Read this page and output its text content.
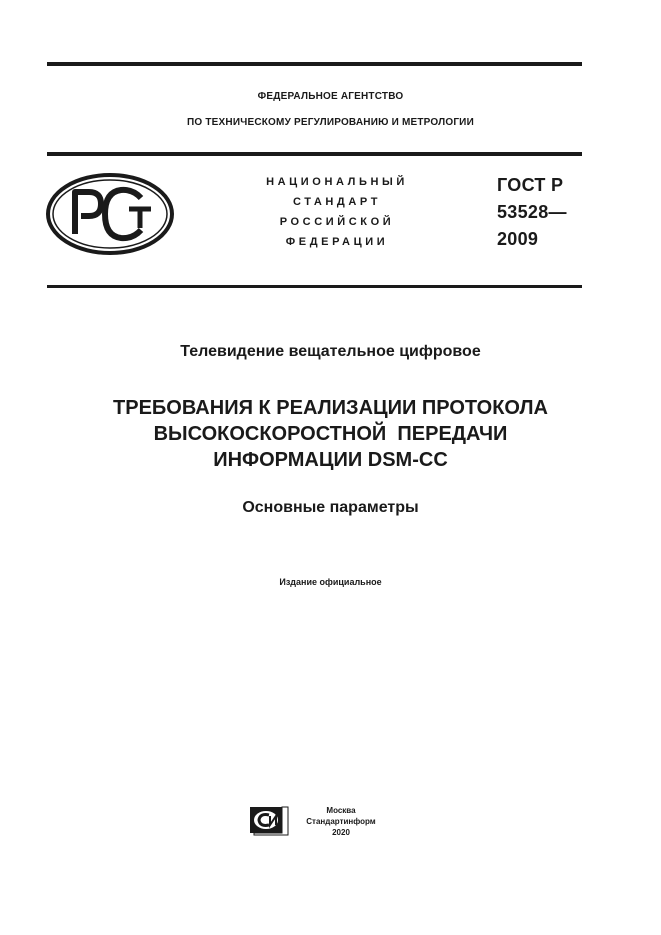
ФЕДЕРАЛЬНОЕ АГЕНТСТВО
ПО ТЕХНИЧЕСКОМУ РЕГУЛИРОВАНИЮ И МЕТРОЛОГИИ
НАЦИОНАЛЬНЫЙ
СТАНДАРТ
РОССИЙСКОЙ
ФЕДЕРАЦИИ
ГОСТ Р
53528—
2009
Телевидение вещательное цифровое
ТРЕБОВАНИЯ К РЕАЛИЗАЦИИ ПРОТОКОЛА
ВЫСОКОСКОРОСТНОЙ  ПЕРЕДАЧИ
ИНФОРМАЦИИ DSM-CC
Основные параметры
Издание официальное
Москва
Стандартинформ
2020
